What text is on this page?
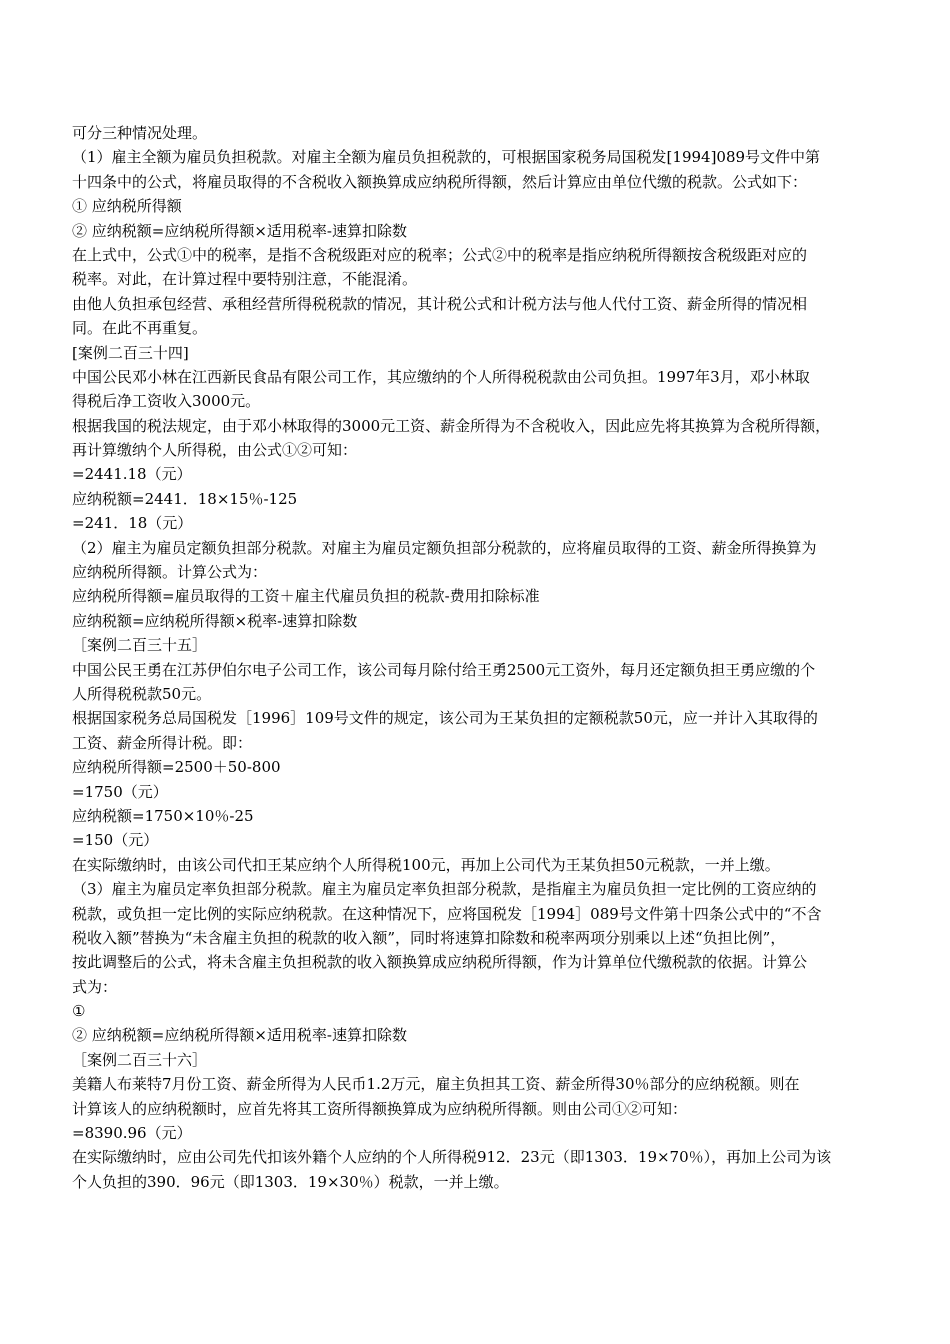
可分三种情况处理。
（1）雇主全额为雇员负担税款。对雇主全额为雇员负担税款的，可根据国家税务局国税发[1994]089号文件中第
十四条中的公式，将雇员取得的不含税收入额换算成应纳税所得额，然后计算应由单位代缴的税款。公式如下：
① 应纳税所得额
② 应纳税额=应纳税所得额×适用税率-速算扣除数
在上式中，公式①中的税率，是指不含税级距对应的税率；公式②中的税率是指应纳税所得额按含税级距对应的
税率。对此，在计算过程中要特别注意，不能混淆。
由他人负担承包经营、承租经营所得税税款的情况，其计税公式和计税方法与他人代付工资、薪金所得的情况相
同。在此不再重复。
[案例二百三十四]
中国公民邓小林在江西新民食品有限公司工作，其应缴纳的个人所得税税款由公司负担。1997年3月，邓小林取
得税后净工资收入3000元。
根据我国的税法规定，由于邓小林取得的3000元工资、薪金所得为不含税收入，因此应先将其换算为含税所得额，
再计算缴纳个人所得税，由公式①②可知：
=2441.18（元）
应纳税额=2441．18×15％-125
=241．18（元）
（2）雇主为雇员定额负担部分税款。对雇主为雇员定额负担部分税款的，应将雇员取得的工资、薪金所得换算为
应纳税所得额。计算公式为：
应纳税所得额=雇员取得的工资＋雇主代雇员负担的税款-费用扣除标准
应纳税额=应纳税所得额×税率-速算扣除数
［案例二百三十五］
中国公民王勇在江苏伊伯尔电子公司工作，该公司每月除付给王勇2500元工资外，每月还定额负担王勇应缴的个
人所得税税款50元。
根据国家税务总局国税发［1996］109号文件的规定，该公司为王某负担的定额税款50元，应一并计入其取得的
工资、薪金所得计税。即：
应纳税所得额=2500＋50-800
=1750（元）
应纳税额=1750×10％-25
=150（元）
在实际缴纳时，由该公司代扣王某应纳个人所得税100元，再加上公司代为王某负担50元税款，一并上缴。
（3）雇主为雇员定率负担部分税款。雇主为雇员定率负担部分税款，是指雇主为雇员负担一定比例的工资应纳的
税款，或负担一定比例的实际应纳税款。在这种情况下，应将国税发［1994］089号文件第十四条公式中的“不含
税收入额”替换为“未含雇主负担的税款的收入额”，同时将速算扣除数和税率两项分别乘以上述“负担比例”，
按此调整后的公式，将未含雇主负担税款的收入额换算成应纳税所得额，作为计算单位代缴税款的依据。计算公
式为：
①
② 应纳税额=应纳税所得额×适用税率-速算扣除数
［案例二百三十六］
美籍人布莱特7月份工资、薪金所得为人民币1.2万元，雇主负担其工资、薪金所得30％部分的应纳税额。则在
计算该人的应纳税额时，应首先将其工资所得额换算成为应纳税所得额。则由公司①②可知：
=8390.96（元）
在实际缴纳时，应由公司先代扣该外籍个人应纳的个人所得税912．23元（即1303．19×70％），再加上公司为该
个人负担的390．96元（即1303．19×30％）税款，一并上缴。
